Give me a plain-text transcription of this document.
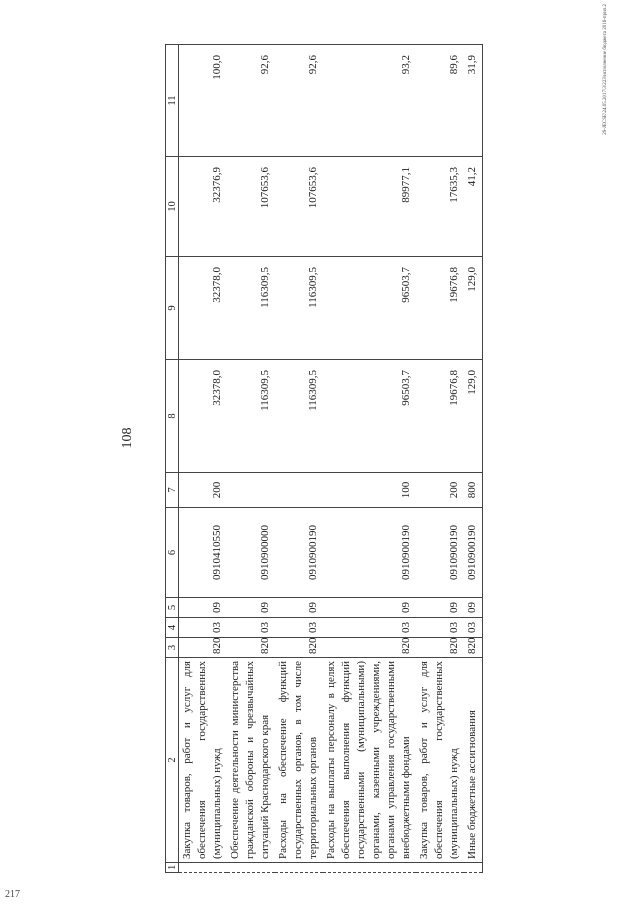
108
1	2	3	4	5	6	7	8	9	10	11
	Закупка товаров, работ и услуг для обеспечения государственных (муниципальных) нужд	820	03	09	0910410550	200	32378,0	32378,0	32376,9	100,0
	Обеспечение деятельности министерства гражданской обороны и чрезвычайных ситуаций Краснодарского края	820	03	09	0910900000		116309,5	116309,5	107653,6	92,6
	Расходы на обеспечение функций государственных органов, в том числе территориальных органов	820	03	09	0910900190		116309,5	116309,5	107653,6	92,6
	Расходы на выплаты персоналу в целях обеспечения выполнения функций государственными (муниципальными) органами, казенными учреждениями, органами управления государственными внебюджетными фондами	820	03	09	0910900190	100	96503,7	96503,7	89977,1	93,2
	Закупка товаров, работ и услуг для обеспечения государственных (муниципальных) нужд	820	03	09	0910900190	200	19676,8	19676,8	17635,3	89,6
	Иные бюджетные ассигнования	820	03	09	0910900190	800	129,0	129,0	41,2	31,9	29-JECSE\24.05.2017\3\223\исполнение бюджета 2016-прил.2
217
